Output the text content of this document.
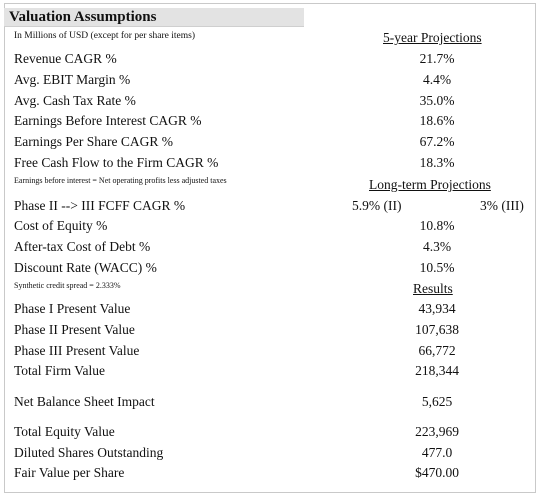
Valuation Assumptions
In Millions of USD (except for per share items)	5-year Projections
Revenue CAGR %	21.7%
Avg. EBIT Margin %	4.4%
Avg. Cash Tax Rate %	35.0%
Earnings Before Interest CAGR %	18.6%
Earnings Per Share CAGR %	67.2%
Free Cash Flow to the Firm CAGR %	18.3%
Earnings before interest = Net operating profits less adjusted taxes	Long-term Projections
Phase II --> III FCFF CAGR %	5.9% (II)	3% (III)
Cost of Equity %	10.8%
After-tax Cost of Debt %	4.3%
Discount Rate (WACC) %	10.5%
Synthetic credit spread = 2.333%	Results
Phase I Present Value	43,934
Phase II Present Value	107,638
Phase III Present Value	66,772
Total Firm Value	218,344
Net Balance Sheet Impact	5,625
Total Equity Value	223,969
Diluted Shares Outstanding	477.0
Fair Value per Share	$470.00
